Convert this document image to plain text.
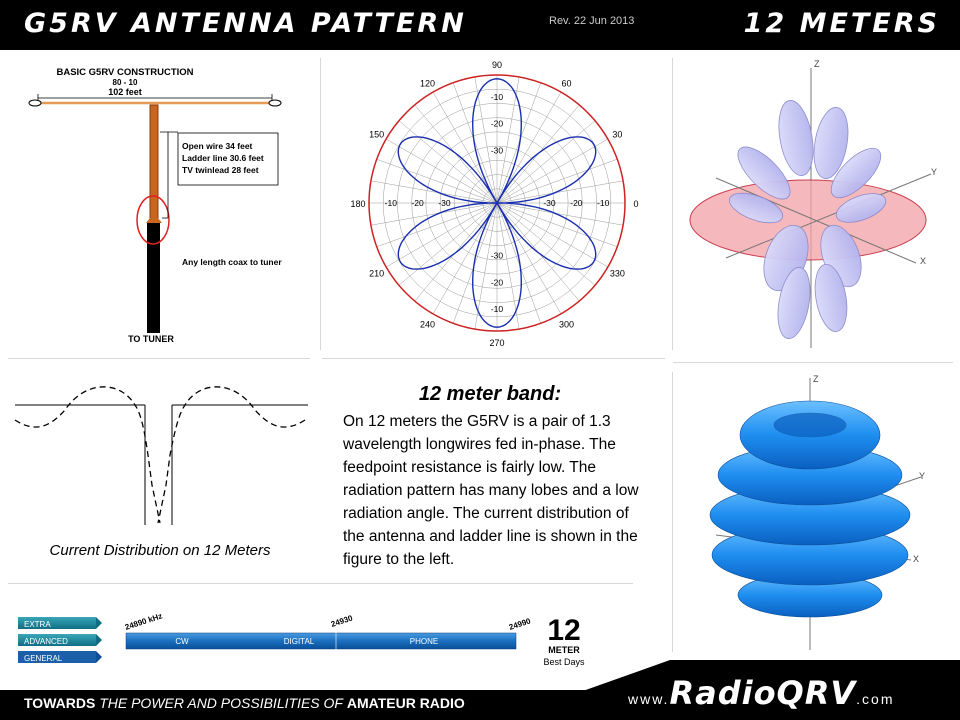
G5RV ANTENNA PATTERN	Rev. 22 Jun 2013	12 METERS
BASIC G5RV CONSTRUCTION
80 - 10
102 feet
Open wire 34 feet
Ladder line 30.6 feet
TV twinlead 28 feet
Any length coax to tuner
TO TUNER
90
60
30
0
330
300
270
240
210
180
150
120
-10	-10
-10
-10
-20	-20
-20
-20
-30	-30
-30
-30
Z
Y
X
Current Distribution on 12 Meters
12 meter band:
On 12 meters the G5RV is a pair of 1.3 wavelength longwires fed in-phase. The feedpoint resistance is fairly low. The radiation pattern has many lobes and a low radiation angle. The current distribution of the antenna and ladder line is shown in the figure to the left.
Z
Y
X
EXTRA
ADVANCED
GENERAL
CW	DIGITAL	PHONE
24890 kHz	24930	24990 12
METER
Best Days
TOWARDS THE POWER AND POSSIBILITIES OF AMATEUR RADIO	www.RadioQRV.com
